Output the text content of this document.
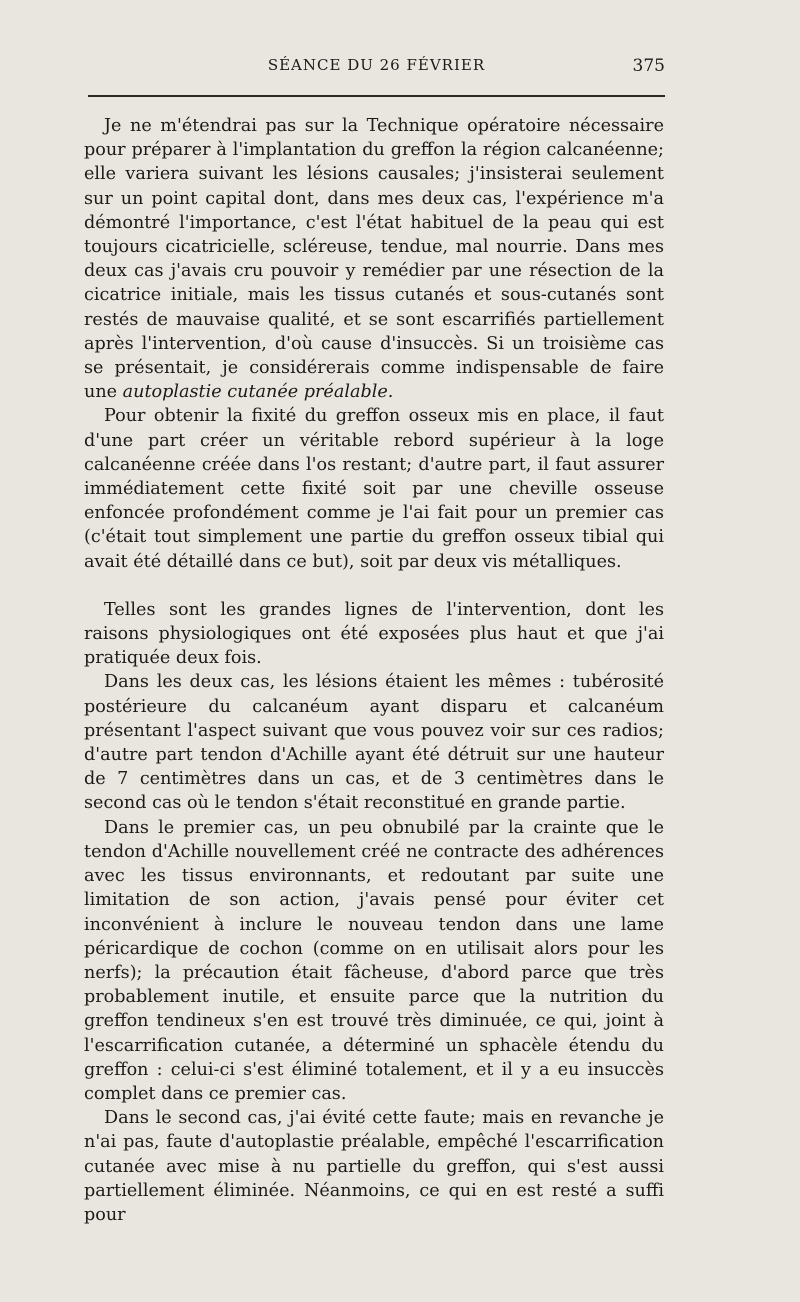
SÉANCE DU 26 FÉVRIER	375

Je ne m'étendrai pas sur la Technique opératoire nécessaire pour préparer à l'implantation du greffon la région calcanéenne; elle variera suivant les lésions causales; j'insisterai seulement sur un point capital dont, dans mes deux cas, l'expérience m'a démontré l'importance, c'est l'état habituel de la peau qui est toujours cicatricielle, scléreuse, tendue, mal nourrie. Dans mes deux cas j'avais cru pouvoir y remédier par une résection de la cicatrice initiale, mais les tissus cutanés et sous-cutanés sont restés de mauvaise qualité, et se sont escarrifiés partiellement après l'intervention, d'où cause d'insuccès. Si un troisième cas se présentait, je considérerais comme indispensable de faire une autoplastie cutanée préalable.

Pour obtenir la fixité du greffon osseux mis en place, il faut d'une part créer un véritable rebord supérieur à la loge calcanéenne créée dans l'os restant; d'autre part, il faut assurer immédiatement cette fixité soit par une cheville osseuse enfoncée profondément comme je l'ai fait pour un premier cas (c'était tout simplement une partie du greffon osseux tibial qui avait été détaillé dans ce but), soit par deux vis métalliques.

Telles sont les grandes lignes de l'intervention, dont les raisons physiologiques ont été exposées plus haut et que j'ai pratiquée deux fois.

Dans les deux cas, les lésions étaient les mêmes : tubérosité postérieure du calcanéum ayant disparu et calcanéum présentant l'aspect suivant que vous pouvez voir sur ces radios; d'autre part tendon d'Achille ayant été détruit sur une hauteur de 7 centimètres dans un cas, et de 3 centimètres dans le second cas où le tendon s'était reconstitué en grande partie.

Dans le premier cas, un peu obnubilé par la crainte que le tendon d'Achille nouvellement créé ne contracte des adhérences avec les tissus environnants, et redoutant par suite une limitation de son action, j'avais pensé pour éviter cet inconvénient à inclure le nouveau tendon dans une lame péricardique de cochon (comme on en utilisait alors pour les nerfs); la précaution était fâcheuse, d'abord parce que très probablement inutile, et ensuite parce que la nutrition du greffon tendineux s'en est trouvé très diminuée, ce qui, joint à l'escarrification cutanée, a déterminé un sphacèle étendu du greffon : celui-ci s'est éliminé totalement, et il y a eu insuccès complet dans ce premier cas.

Dans le second cas, j'ai évité cette faute; mais en revanche je n'ai pas, faute d'autoplastie préalable, empêché l'escarrification cutanée avec mise à nu partielle du greffon, qui s'est aussi partiellement éliminée. Néanmoins, ce qui en est resté a suffi pour
